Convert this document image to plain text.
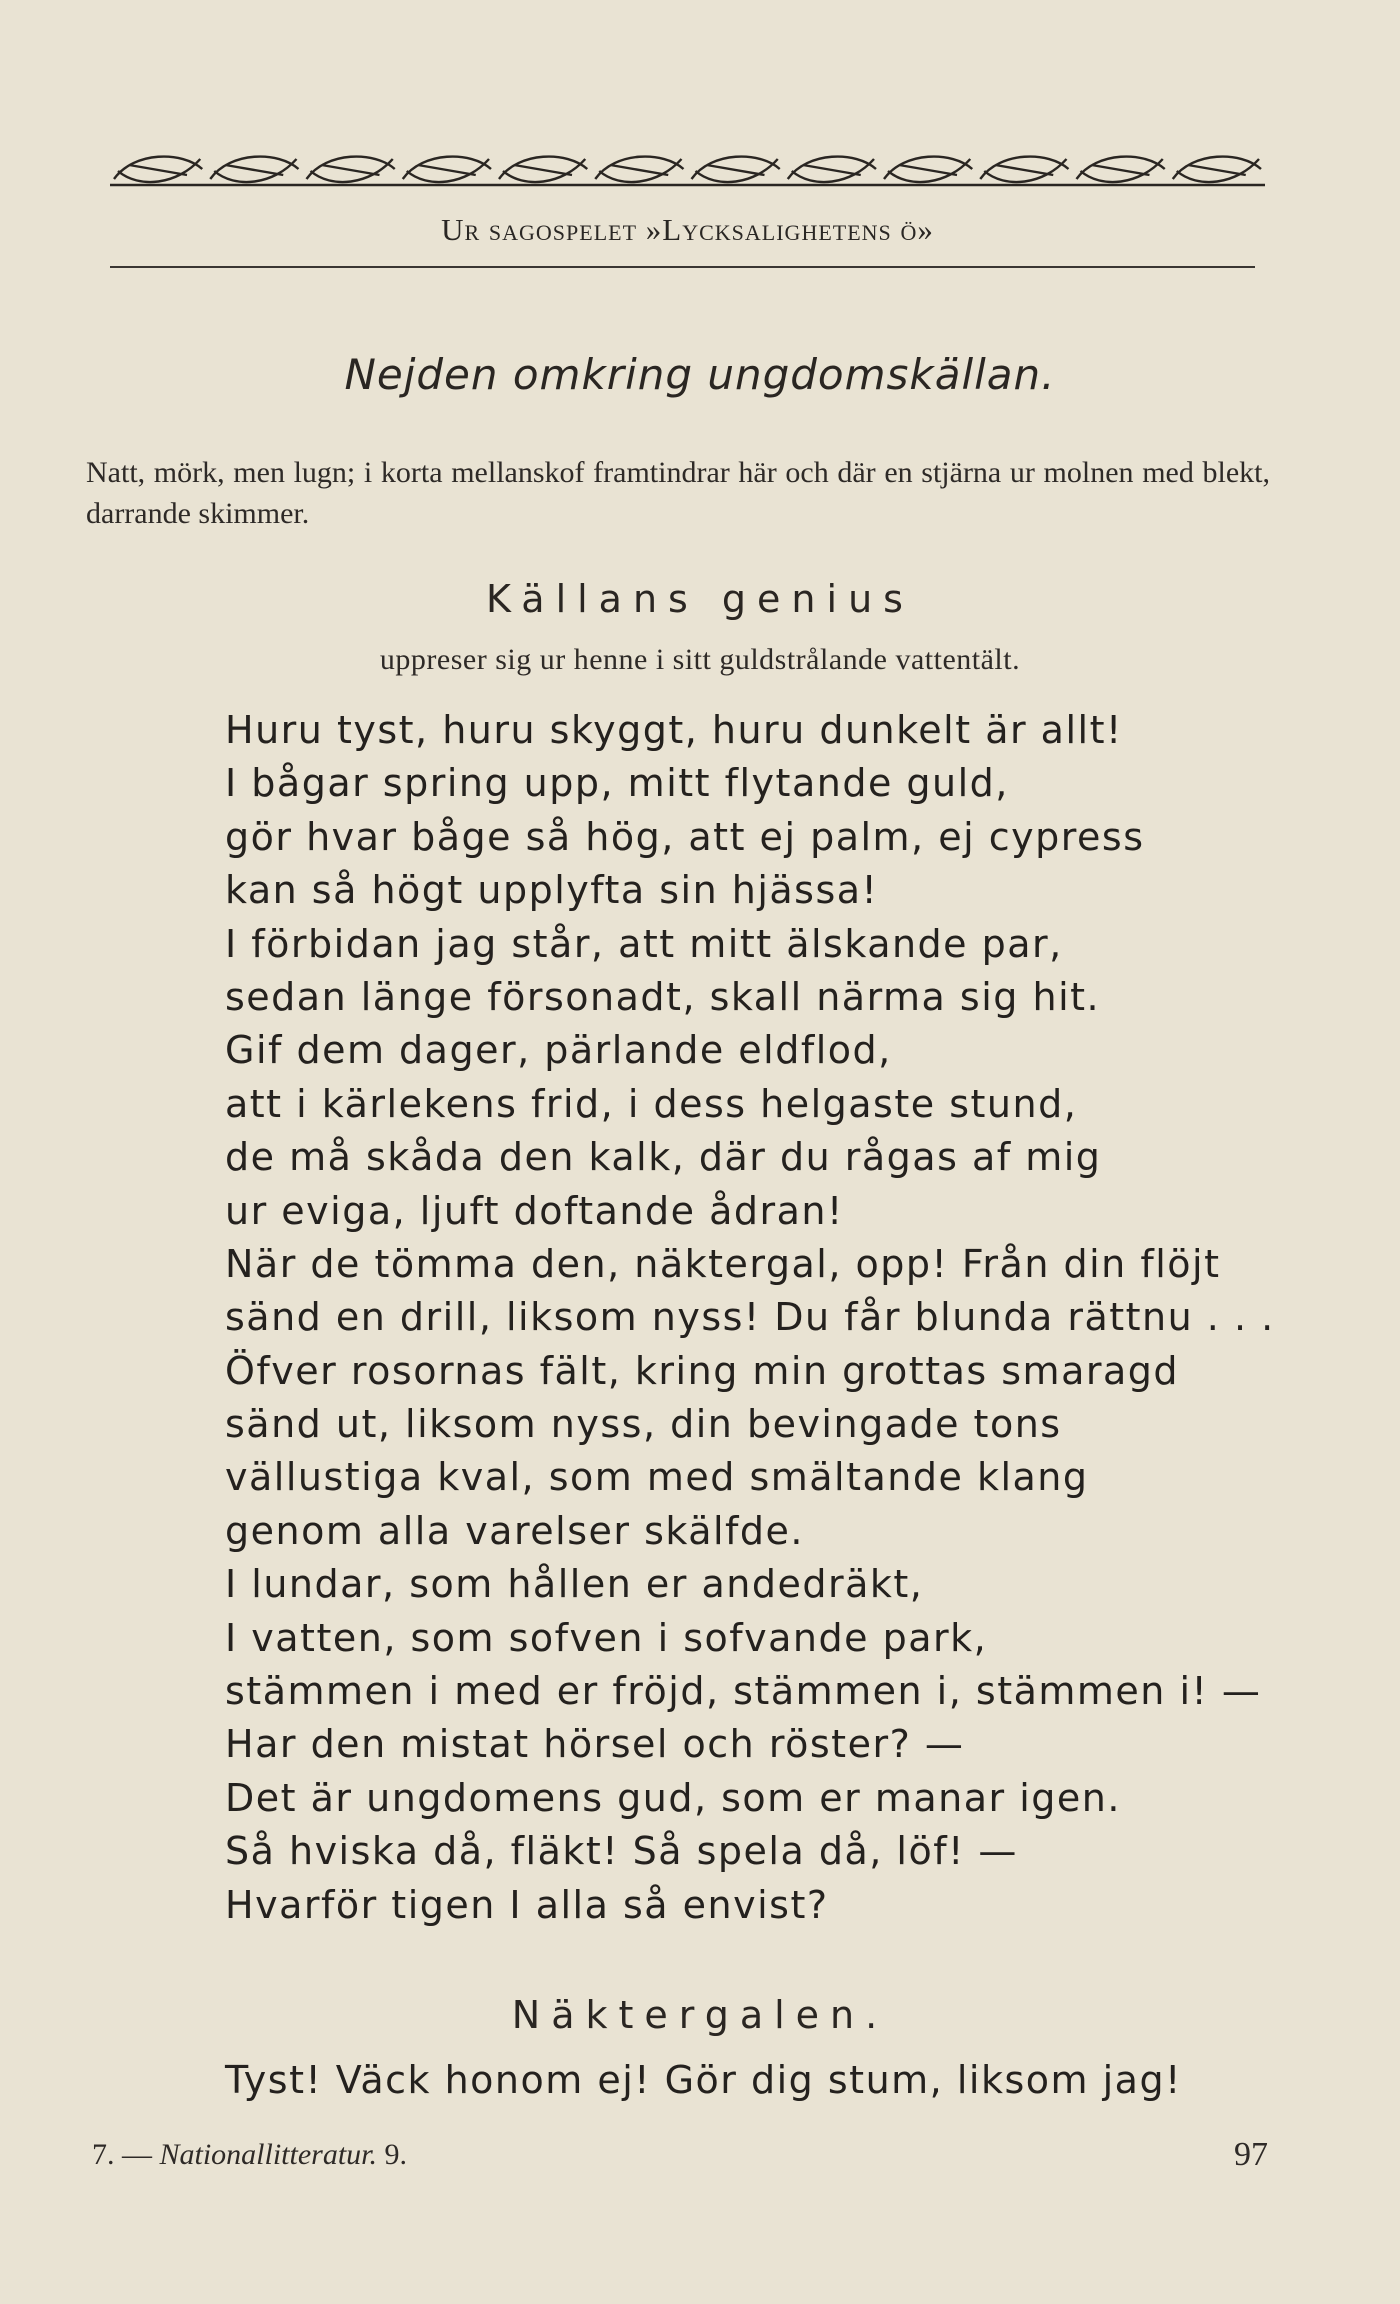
Ur sagospelet »Lycksalighetens ö»
Nejden omkring ungdomskällan.
Natt, mörk, men lugn; i korta mellanskof framtindrar här och där en stjärna ur molnen med blekt, darrande skimmer.
Källans genius
uppreser sig ur henne i sitt guldstrålande vattentält.
Huru tyst, huru skyggt, huru dunkelt är allt!
I bågar spring upp, mitt flytande guld,
gör hvar båge så hög, att ej palm, ej cypress
kan så högt upplyfta sin hjässa!
I förbidan jag står, att mitt älskande par,
sedan länge försonadt, skall närma sig hit.
Gif dem dager, pärlande eldflod,
att i kärlekens frid, i dess helgaste stund,
de må skåda den kalk, där du rågas af mig
ur eviga, ljuft doftande ådran!
När de tömma den, näktergal, opp! Från din flöjt
sänd en drill, liksom nyss! Du får blunda rättnu . . .
Öfver rosornas fält, kring min grottas smaragd
sänd ut, liksom nyss, din bevingade tons
vällustiga kval, som med smältande klang
genom alla varelser skälfde.
I lundar, som hållen er andedräkt,
I vatten, som sofven i sofvande park,
stämmen i med er fröjd, stämmen i, stämmen i! —
Har den mistat hörsel och röster? —
Det är ungdomens gud, som er manar igen.
Så hviska då, fläkt! Så spela då, löf! —
Hvarför tigen I alla så envist?
Näktergalen.
Tyst! Väck honom ej! Gör dig stum, liksom jag!
7. — Nationallitteratur. 9.	97
